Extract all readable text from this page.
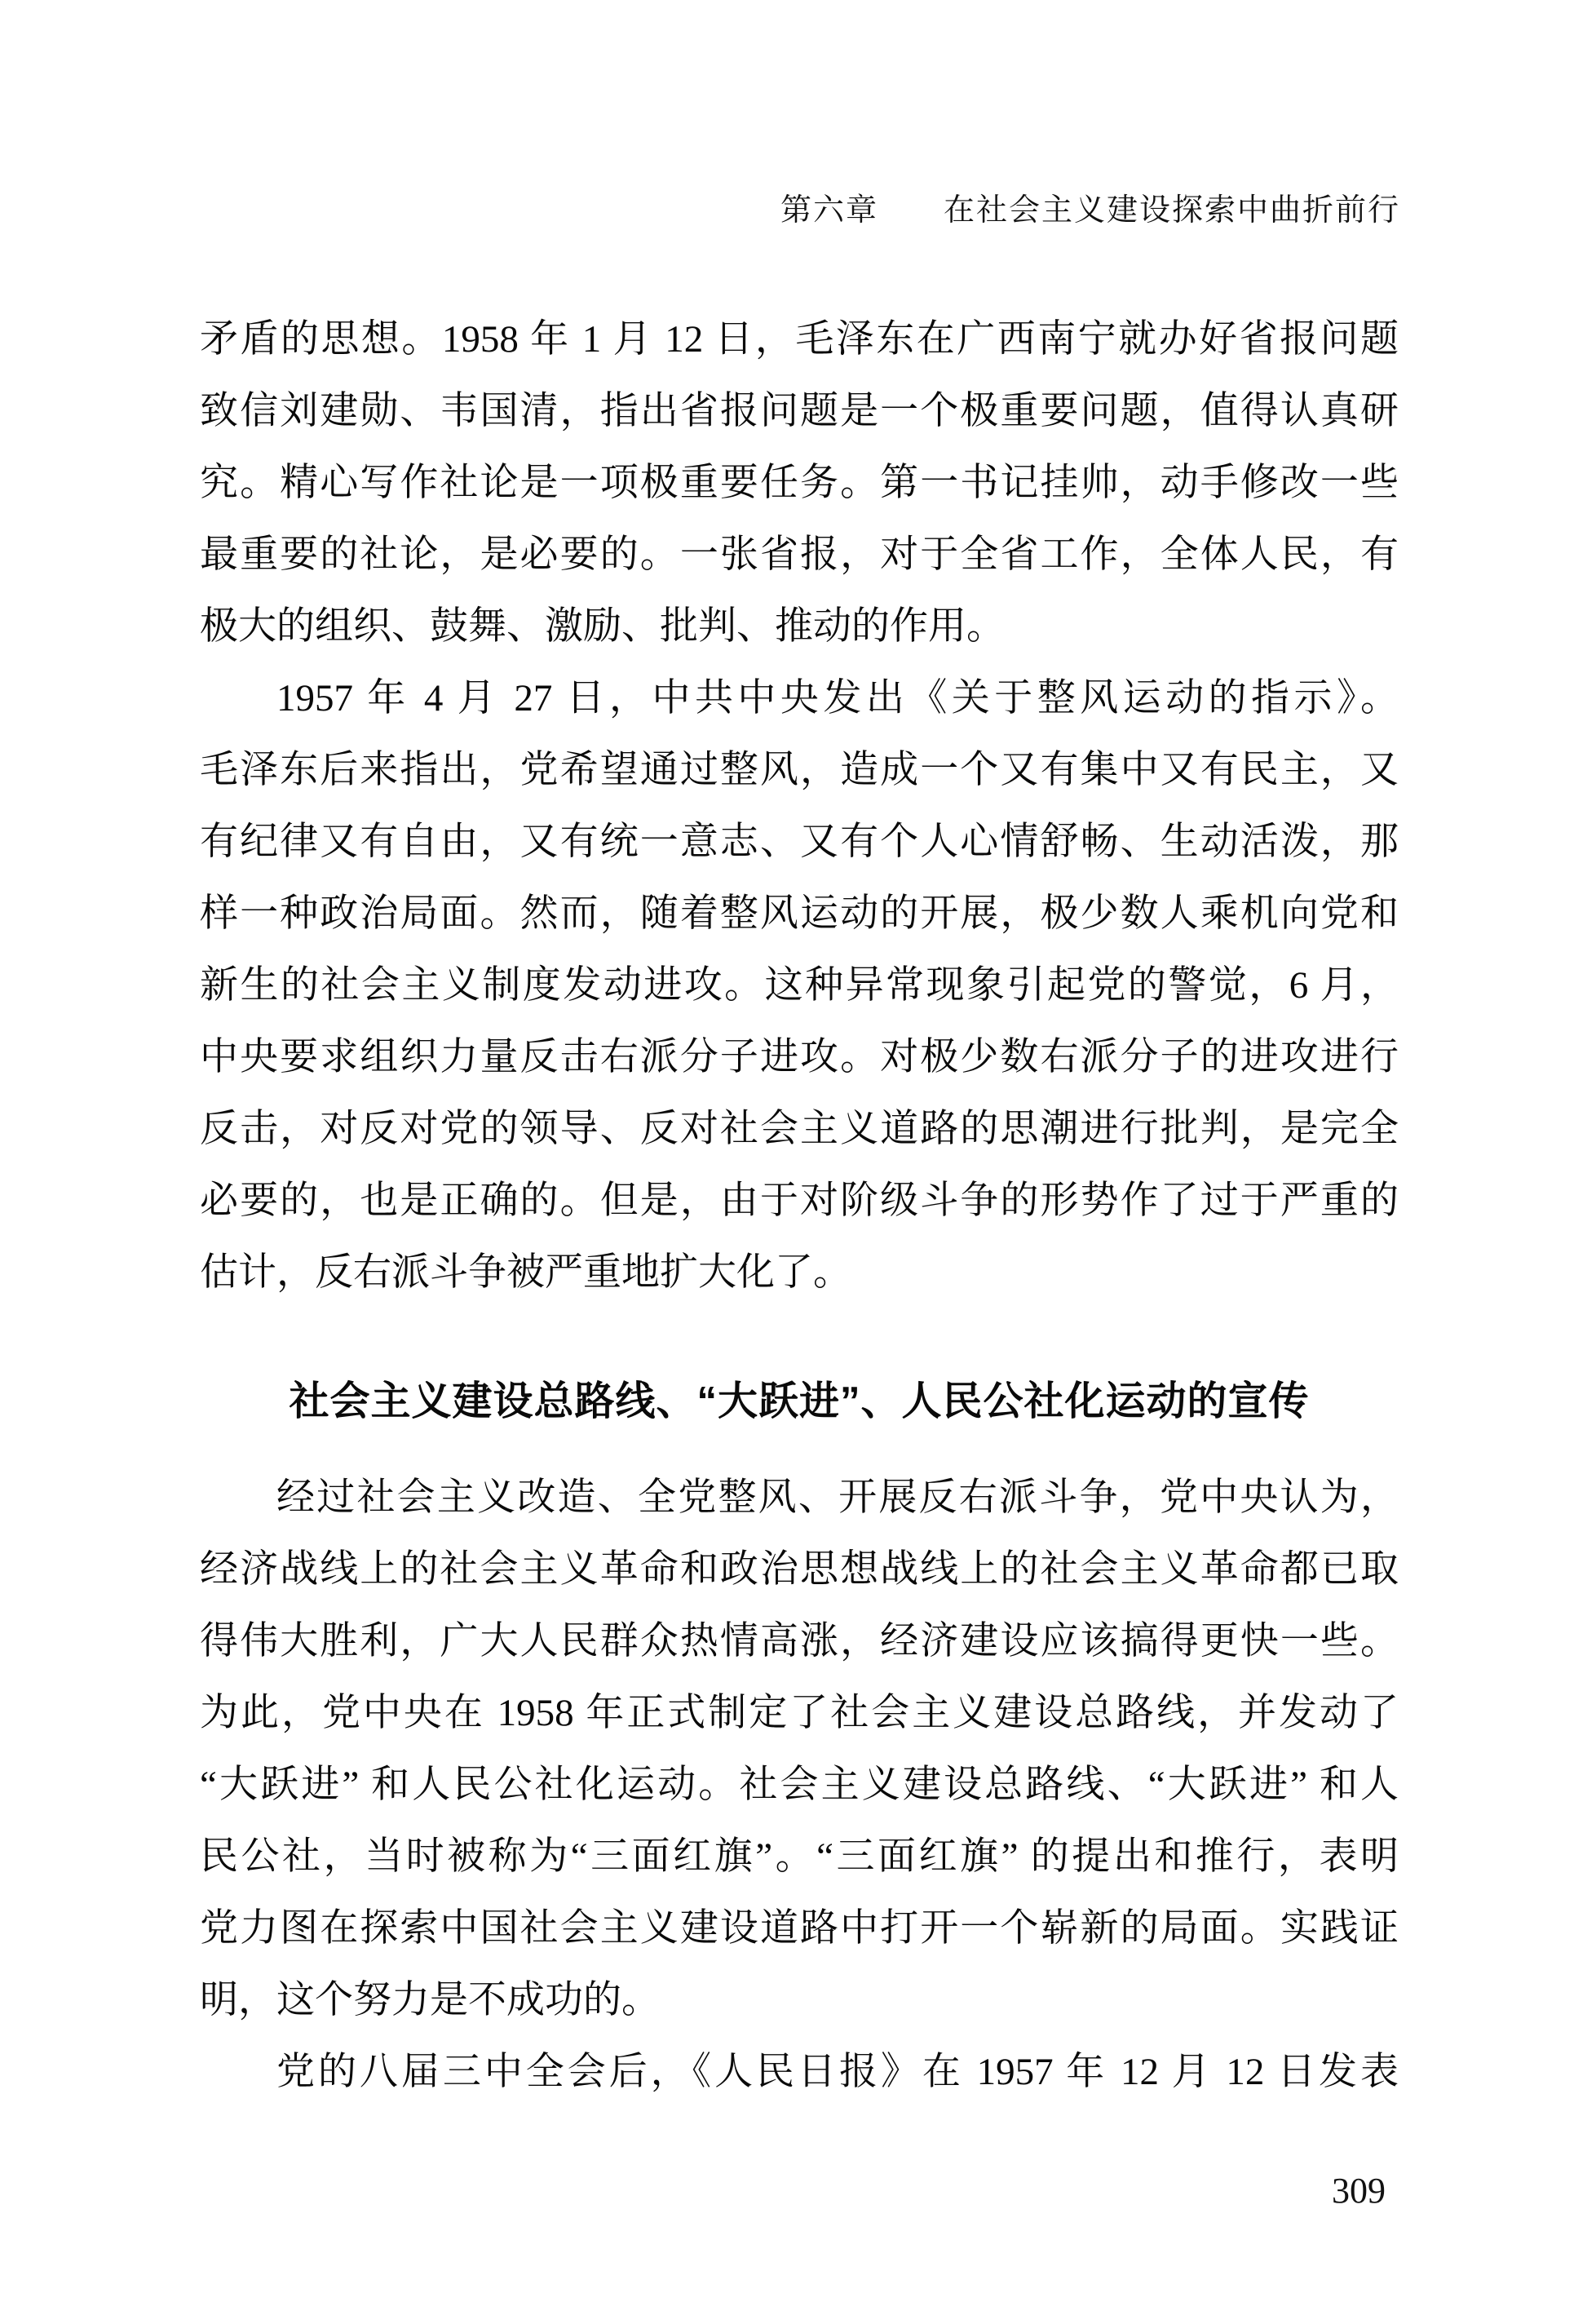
第六章　　在社会主义建设探索中曲折前行
矛盾的思想。1958 年 1 月 12 日，毛泽东在广西南宁就办好省报问题
致信刘建勋、韦国清，指出省报问题是一个极重要问题，值得认真研
究。精心写作社论是一项极重要任务。第一书记挂帅，动手修改一些
最重要的社论，是必要的。一张省报，对于全省工作，全体人民，有
极大的组织、鼓舞、激励、批判、推动的作用。
1957 年 4 月 27 日，中共中央发出《关于整风运动的指示》。
毛泽东后来指出，党希望通过整风，造成一个又有集中又有民主，又
有纪律又有自由，又有统一意志、又有个人心情舒畅、生动活泼，那
样一种政治局面。然而，随着整风运动的开展，极少数人乘机向党和
新生的社会主义制度发动进攻。这种异常现象引起党的警觉，6 月，
中央要求组织力量反击右派分子进攻。对极少数右派分子的进攻进行
反击，对反对党的领导、反对社会主义道路的思潮进行批判，是完全
必要的，也是正确的。但是，由于对阶级斗争的形势作了过于严重的
估计，反右派斗争被严重地扩大化了。
社会主义建设总路线、“大跃进”、人民公社化运动的宣传
经过社会主义改造、全党整风、开展反右派斗争，党中央认为，
经济战线上的社会主义革命和政治思想战线上的社会主义革命都已取
得伟大胜利，广大人民群众热情高涨，经济建设应该搞得更快一些。
为此，党中央在 1958 年正式制定了社会主义建设总路线，并发动了
“大跃进” 和人民公社化运动。社会主义建设总路线、“大跃进” 和人
民公社，当时被称为“三面红旗”。“三面红旗” 的提出和推行，表明
党力图在探索中国社会主义建设道路中打开一个崭新的局面。实践证
明，这个努力是不成功的。
党的八届三中全会后，《人民日报》在 1957 年 12 月 12 日发表
309
